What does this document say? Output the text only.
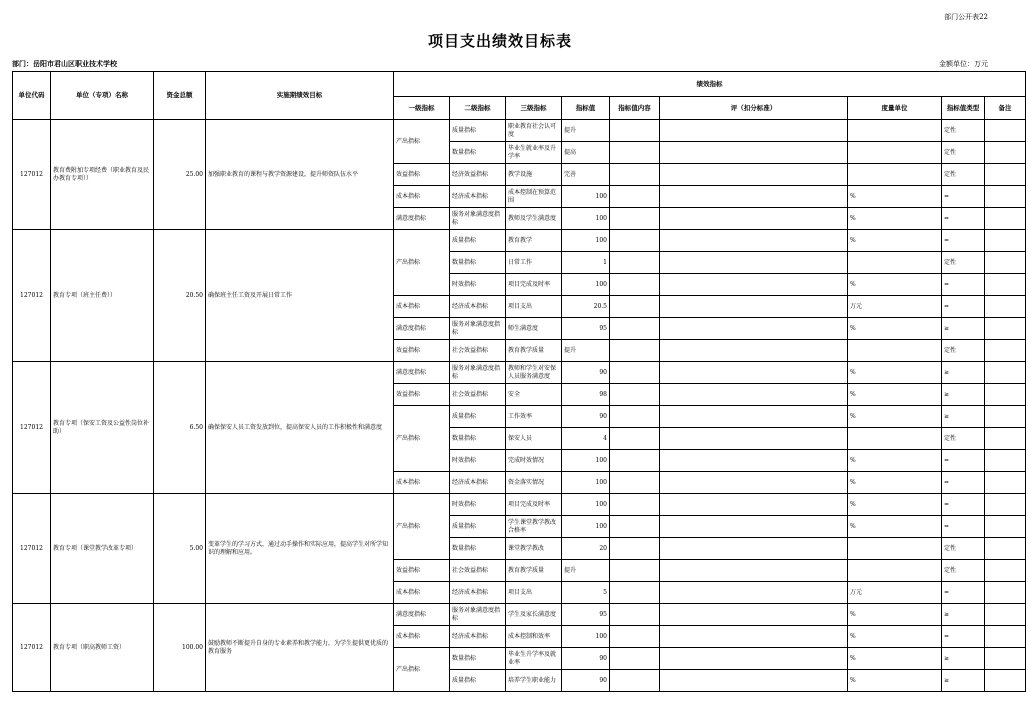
部门公开表22
项目支出绩效目标表
部门：岳阳市君山区职业技术学校	金额单位：万元
单位代码	单位（专项）名称	资金总额	实施期绩效目标	绩效指标								
				一级指标	二级指标	三级指标	指标值	指标值内容	评（扣分标准）	度量单位	指标值类型	备注
127012	教育费附加专项经费（职业教育及民办教育专项））	25.00	加强职业教育的课程与教学资源建设，提升师资队伍水平	产出指标	质量指标	职业教育社会认可度	提升				定性	
					数量指标	毕业生就业率及升学率	提高				定性	
				效益指标	经济效益指标	教学设施	完善				定性	
				成本指标	经济成本指标	成本控制在预算范围	100			%	=	
				满意度指标	服务对象满意度指标	教师及学生满意度	100			%	=	
127012	教育专项（班主任费））	20.50	确保班主任工资及开展日常工作	产出指标	质量指标	教育教学	100			%	=	
					数量指标	日常工作	1				定性	
					时效指标	项目完成及时率	100			%	=	
				成本指标	经济成本指标	项目支出	20.5			万元	=	
				满意度指标	服务对象满意度指标	师生满意度	95			%	≥	
				效益指标	社会效益指标	教育教学质量	提升				定性	
127012	教育专项（保安工资及公益性岗位补助）	6.50	确保保安人员工资发放到位，提高保安人员的工作积极性和满意度	满意度指标	服务对象满意度指标	教师和学生对安保人员服务满意度	90			%	≥	
				效益指标	社会效益指标	安全	98			%	≥	
				产出指标	质量指标	工作效率	90			%	≥	
					数量指标	保安人员	4				定性	
					时效指标	完成时效情况	100			%	=	
				成本指标	经济成本指标	资金落实情况	100			%	=	
127012	教育专项（课堂教学改革专项）	5.00	变革学生的学习方式，通过动手操作和实际应用，提高学生对所学知识的理解和应用。	产出指标	时效指标	项目完成及时率	100			%	=	
					质量指标	学生课堂教学教改合格率	100			%	=	
					数量指标	课堂教学教改	20				定性	
				效益指标	社会效益指标	教育教学质量	提升				定性	
				成本指标	经济成本指标	项目支出	5			万元	=	
127012	教育专项（职高教师工资）	100.00	鼓励教师不断提升自身的专业素养和教学能力，为学生提供更优质的教育服务	满意度指标	服务对象满意度指标	学生及家长满意度	95			%	≥	
				成本指标	经济成本指标	成本控制和效率	100			%	=	
				产出指标	数量指标	毕业生升学率及就业率	90			%	≥	
					质量指标	培养学生职业能力	90			%	≥	
